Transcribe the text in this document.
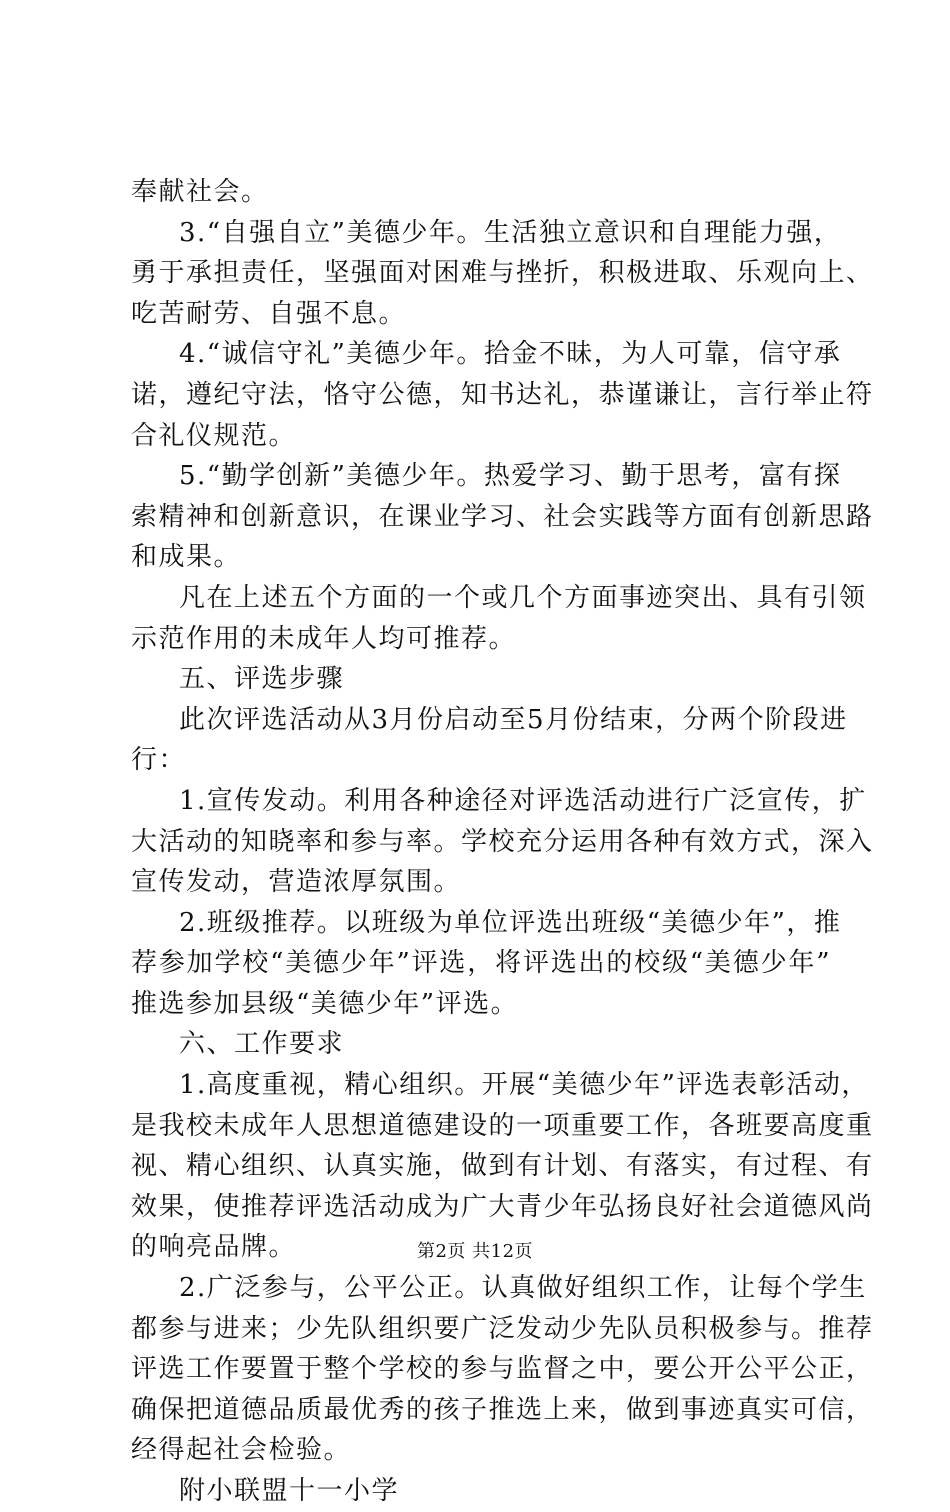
奉献社会。
3.“自强自立”美德少年。生活独立意识和自理能力强，
勇于承担责任，坚强面对困难与挫折，积极进取、乐观向上、
吃苦耐劳、自强不息。
4.“诚信守礼”美德少年。拾金不昧，为人可靠，信守承
诺，遵纪守法，恪守公德，知书达礼，恭谨谦让，言行举止符
合礼仪规范。
5.“勤学创新”美德少年。热爱学习、勤于思考，富有探
索精神和创新意识，在课业学习、社会实践等方面有创新思路
和成果。
凡在上述五个方面的一个或几个方面事迹突出、具有引领
示范作用的未成年人均可推荐。
五、评选步骤
此次评选活动从3月份启动至5月份结束，分两个阶段进
行：
1.宣传发动。利用各种途径对评选活动进行广泛宣传，扩
大活动的知晓率和参与率。学校充分运用各种有效方式，深入
宣传发动，营造浓厚氛围。
2.班级推荐。以班级为单位评选出班级“美德少年”，推
荐参加学校“美德少年”评选，将评选出的校级“美德少年”
推选参加县级“美德少年”评选。
六、工作要求
1.高度重视，精心组织。开展“美德少年”评选表彰活动，
是我校未成年人思想道德建设的一项重要工作，各班要高度重
视、精心组织、认真实施，做到有计划、有落实，有过程、有
效果，使推荐评选活动成为广大青少年弘扬良好社会道德风尚
的响亮品牌。
2.广泛参与，公平公正。认真做好组织工作，让每个学生
都参与进来；少先队组织要广泛发动少先队员积极参与。推荐
评选工作要置于整个学校的参与监督之中，要公开公平公正，
确保把道德品质最优秀的孩子推选上来，做到事迹真实可信，
经得起社会检验。
附小联盟十一小学
第2页 共12页
